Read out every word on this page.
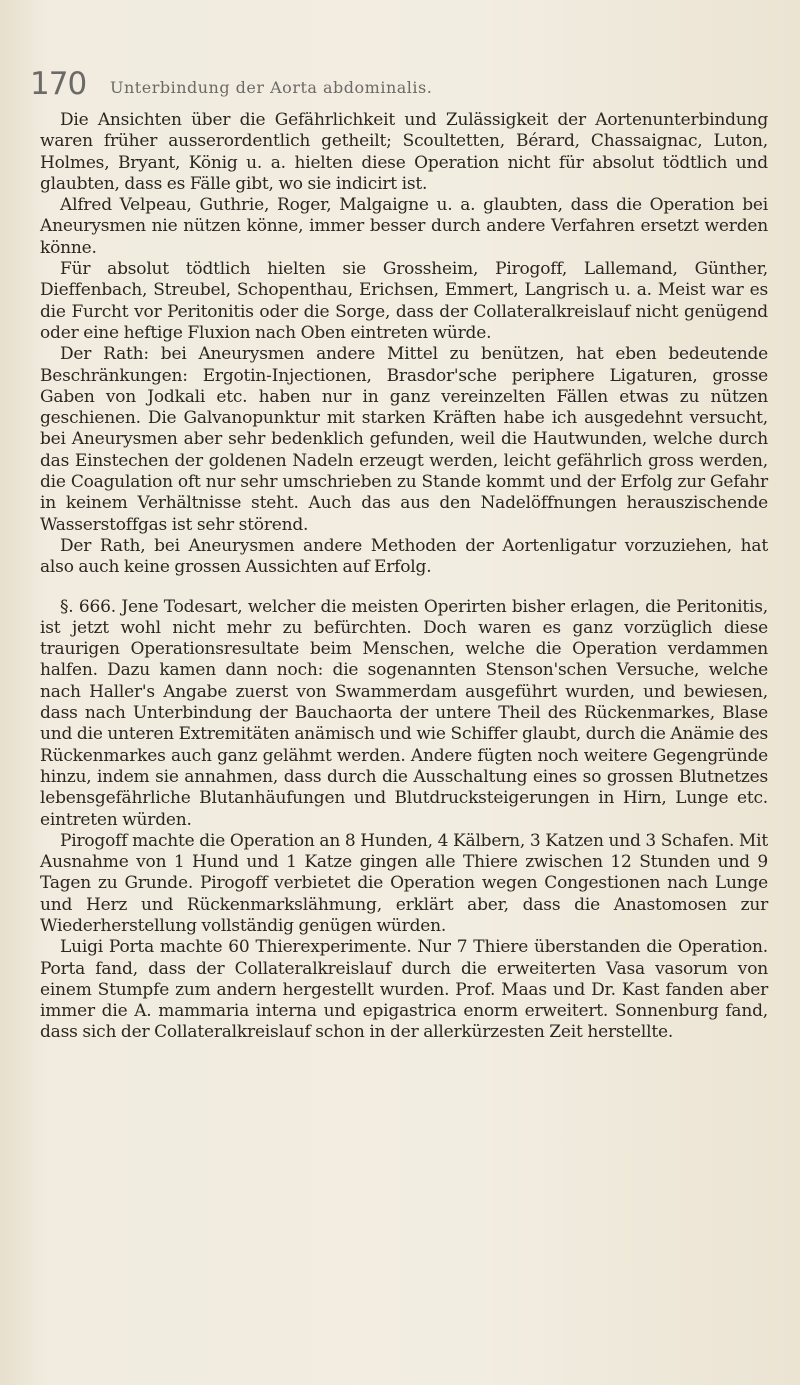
170 Unterbindung der Aorta abdominalis.

Die Ansichten über die Gefährlichkeit und Zulässigkeit der Aortenunterbindung waren früher ausserordentlich getheilt; Scoultetten, Bérard, Chassaignac, Luton, Holmes, Bryant, König u. a. hielten diese Operation nicht für absolut tödtlich und glaubten, dass es Fälle gibt, wo sie indicirt ist.

Alfred Velpeau, Guthrie, Roger, Malgaigne u. a. glaubten, dass die Operation bei Aneurysmen nie nützen könne, immer besser durch andere Verfahren ersetzt werden könne.

Für absolut tödtlich hielten sie Grossheim, Pirogoff, Lallemand, Günther, Dieffenbach, Streubel, Schopenthau, Erichsen, Emmert, Langrisch u. a. Meist war es die Furcht vor Peritonitis oder die Sorge, dass der Collateralkreislauf nicht genügend oder eine heftige Fluxion nach Oben eintreten würde.

Der Rath: bei Aneurysmen andere Mittel zu benützen, hat eben bedeutende Beschränkungen: Ergotin-Injectionen, Brasdor'sche periphere Ligaturen, grosse Gaben von Jodkali etc. haben nur in ganz vereinzelten Fällen etwas zu nützen geschienen. Die Galvanopunktur mit starken Kräften habe ich ausgedehnt versucht, bei Aneurysmen aber sehr bedenklich gefunden, weil die Hautwunden, welche durch das Einstechen der goldenen Nadeln erzeugt werden, leicht gefährlich gross werden, die Coagulation oft nur sehr umschrieben zu Stande kommt und der Erfolg zur Gefahr in keinem Verhältnisse steht. Auch das aus den Nadelöffnungen herauszischende Wasserstoffgas ist sehr störend.

Der Rath, bei Aneurysmen andere Methoden der Aortenligatur vorzuziehen, hat also auch keine grossen Aussichten auf Erfolg.

§. 666. Jene Todesart, welcher die meisten Operirten bisher erlagen, die Peritonitis, ist jetzt wohl nicht mehr zu befürchten. Doch waren es ganz vorzüglich diese traurigen Operationsresultate beim Menschen, welche die Operation verdammen halfen. Dazu kamen dann noch: die sogenannten Stenson'schen Versuche, welche nach Haller's Angabe zuerst von Swammerdam ausgeführt wurden, und bewiesen, dass nach Unterbindung der Bauchaorta der untere Theil des Rückenmarkes, Blase und die unteren Extremitäten anämisch und wie Schiffer glaubt, durch die Anämie des Rückenmarkes auch ganz gelähmt werden. Andere fügten noch weitere Gegengründe hinzu, indem sie annahmen, dass durch die Ausschaltung eines so grossen Blutnetzes lebensgefährliche Blutanhäufungen und Blutdrucksteigerungen in Hirn, Lunge etc. eintreten würden.

Pirogoff machte die Operation an 8 Hunden, 4 Kälbern, 3 Katzen und 3 Schafen. Mit Ausnahme von 1 Hund und 1 Katze gingen alle Thiere zwischen 12 Stunden und 9 Tagen zu Grunde. Pirogoff verbietet die Operation wegen Congestionen nach Lunge und Herz und Rückenmarkslähmung, erklärt aber, dass die Anastomosen zur Wiederherstellung vollständig genügen würden.

Luigi Porta machte 60 Thierexperimente. Nur 7 Thiere überstanden die Operation. Porta fand, dass der Collateralkreislauf durch die erweiterten Vasa vasorum von einem Stumpfe zum andern hergestellt wurden. Prof. Maas und Dr. Kast fanden aber immer die A. mammaria interna und epigastrica enorm erweitert. Sonnenburg fand, dass sich der Collateralkreislauf schon in der allerkürzesten Zeit herstellte.
